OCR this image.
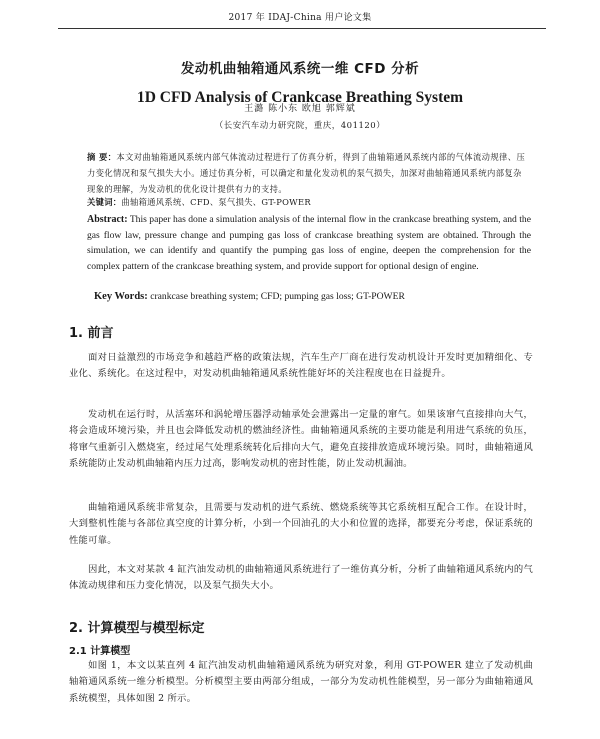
2017 年 IDAJ-China 用户论文集
发动机曲轴箱通风系统一维 CFD 分析
1D CFD Analysis of Crankcase Breathing System
王潞 陈小东 欧旭 郭辉斌
（长安汽车动力研究院，重庆，401120）

摘 要：本文对曲轴箱通风系统内部气体流动过程进行了仿真分析，得到了曲轴箱通风系统内部的气体流动规律、压力变化情况和泵气损失大小。通过仿真分析，可以确定和量化发动机的泵气损失，加深对曲轴箱通风系统内部复杂现象的理解，为发动机的优化设计提供有力的支持。

关键词：曲轴箱通风系统、CFD、泵气损失、GT-POWER

Abstract: This paper has done a simulation analysis of the internal flow in the crankcase breathing system, and the gas flow law, pressure change and pumping gas loss of crankcase breathing system are obtained. Through the simulation, we can identify and quantify the pumping gas loss of engine, deepen the comprehension for the complex pattern of the crankcase breathing system, and provide support for optional design of engine.

Key Words: crankcase breathing system; CFD; pumping gas loss; GT-POWER

1. 前言

面对日益激烈的市场竞争和越趋严格的政策法规，汽车生产厂商在进行发动机设计开发时更加精细化、专业化、系统化。在这过程中，对发动机曲轴箱通风系统性能好坏的关注程度也在日益提升。

发动机在运行时，从活塞环和涡轮增压器浮动轴承处会泄露出一定量的窜气。如果该窜气直接排向大气，将会造成环境污染，并且也会降低发动机的燃油经济性。曲轴箱通风系统的主要功能是利用进气系统的负压，将窜气重新引入燃烧室，经过尾气处理系统转化后排向大气，避免直接排放造成环境污染。同时，曲轴箱通风系统能防止发动机曲轴箱内压力过高，影响发动机的密封性能，防止发动机漏油。

曲轴箱通风系统非常复杂，且需要与发动机的进气系统、燃烧系统等其它系统相互配合工作。在设计时，大到整机性能与各部位真空度的计算分析，小到一个回油孔的大小和位置的选择，都要充分考虑，保证系统的性能可靠。

因此，本文对某款 4 缸汽油发动机的曲轴箱通风系统进行了一维仿真分析，分析了曲轴箱通风系统内的气体流动规律和压力变化情况，以及泵气损失大小。

2. 计算模型与模型标定
2.1 计算模型

如图 1，本文以某直列 4 缸汽油发动机曲轴箱通风系统为研究对象，利用 GT-POWER 建立了发动机曲轴箱通风系统一维分析模型。分析模型主要由两部分组成，一部分为发动机性能模型，另一部分为曲轴箱通风系统模型，具体如图 2 所示。
